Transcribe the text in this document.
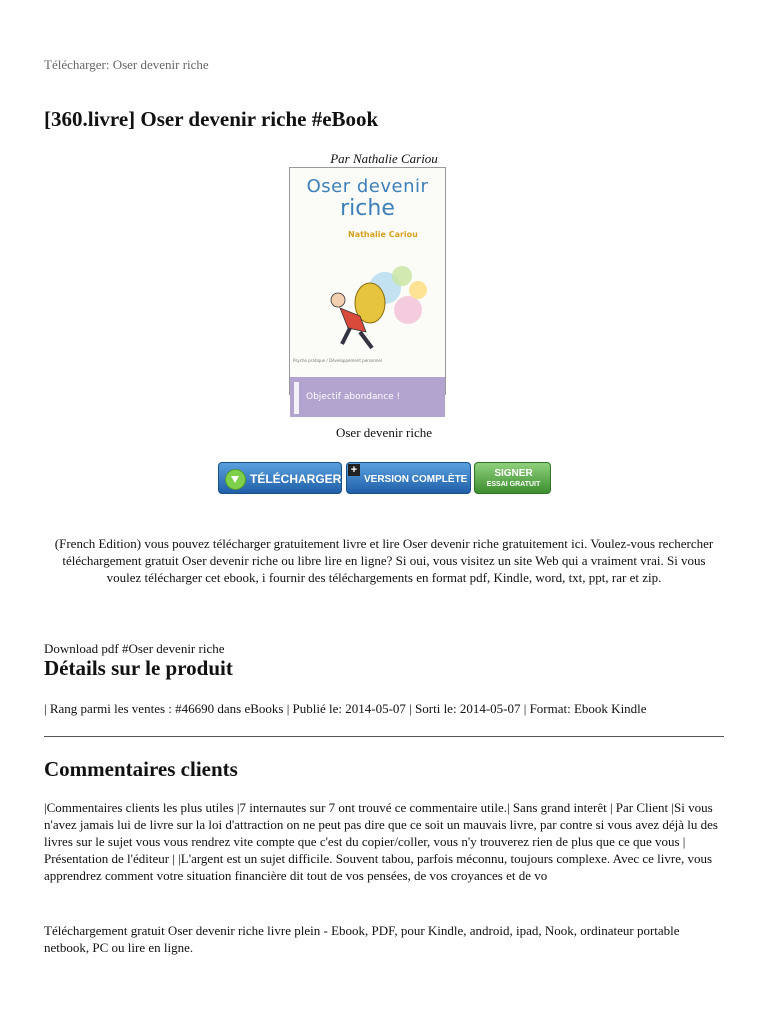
Télécharger: Oser devenir riche
[360.livre] Oser devenir riche #eBook
Par Nathalie Cariou
Oser devenir
riche
Nathalie Cariou
Psycho pratique / Développement personnel
Objectif abondance !
Oser devenir riche
TÉLÉCHARGER
+
VERSION COMPLÈTE
SIGNER
ESSAI GRATUIT
(French Edition) vous pouvez télécharger gratuitement livre et lire Oser devenir riche gratuitement ici. Voulez-vous rechercher téléchargement gratuit Oser devenir riche ou libre lire en ligne? Si oui, vous visitez un site Web qui a vraiment vrai. Si vous voulez télécharger cet ebook, i fournir des téléchargements en format pdf, Kindle, word, txt, ppt, rar et zip.
Download pdf #Oser devenir riche
Détails sur le produit
| Rang parmi les ventes : #46690 dans eBooks | Publié le: 2014-05-07 | Sorti le: 2014-05-07 | Format: Ebook Kindle
Commentaires clients
|Commentaires clients les plus utiles |7 internautes sur 7 ont trouvé ce commentaire utile.| Sans grand interêt | Par Client |Si vous n'avez jamais lui de livre sur la loi d'attraction on ne peut pas dire que ce soit un mauvais livre, par contre si vous avez déjà lu des livres sur le sujet vous vous rendrez vite compte que c'est du copier/coller, vous n'y trouverez rien de plus que ce que vous | Présentation de l'éditeur | |L'argent est un sujet difficile. Souvent tabou, parfois méconnu, toujours complexe. Avec ce livre, vous apprendrez comment votre situation financière dit tout de vos pensées, de vos croyances et de vo
Téléchargement gratuit Oser devenir riche livre plein - Ebook, PDF, pour Kindle, android, ipad, Nook, ordinateur portable netbook, PC ou lire en ligne.
